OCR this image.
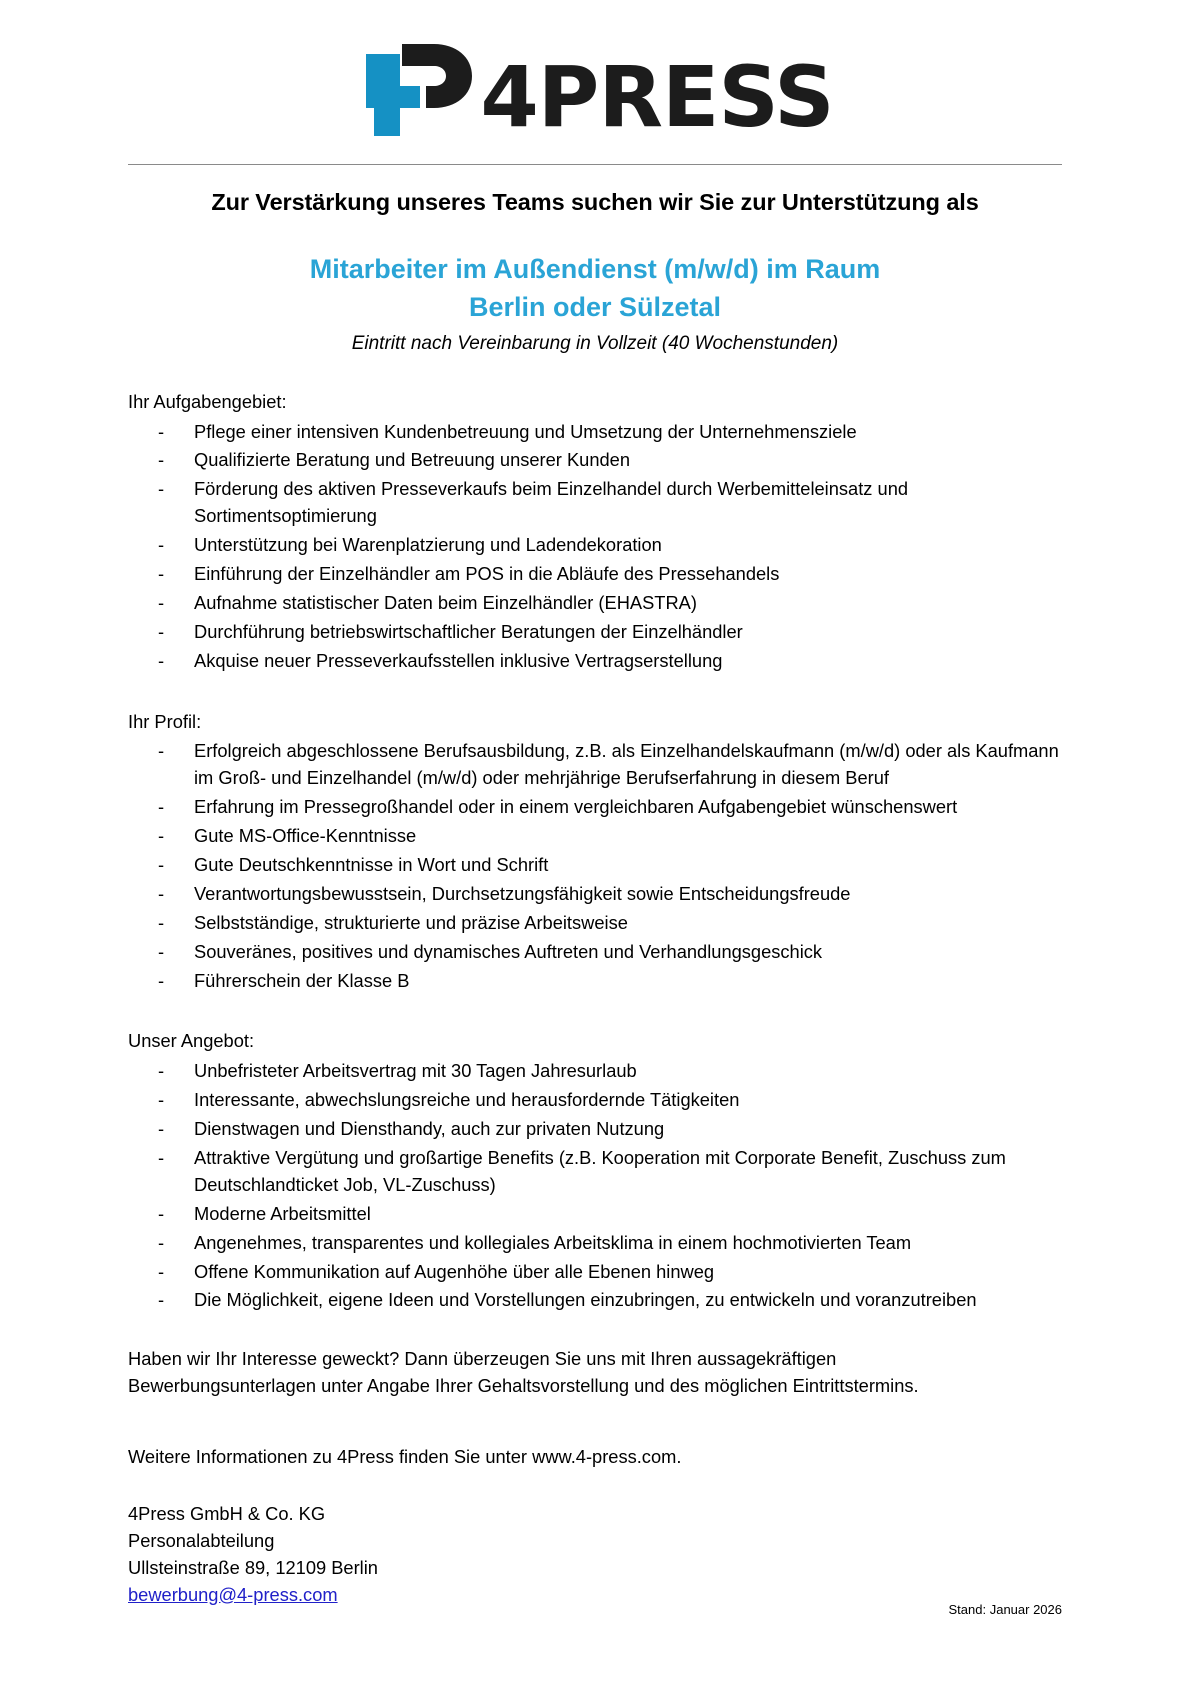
4PRESS
Zur Verstärkung unseres Teams suchen wir Sie zur Unterstützung als
Mitarbeiter im Außendienst (m/w/d) im Raum
Berlin oder Sülzetal
Eintritt nach Vereinbarung in Vollzeit (40 Wochenstunden)
Ihr Aufgabengebiet:
- Pflege einer intensiven Kundenbetreuung und Umsetzung der Unternehmensziele
- Qualifizierte Beratung und Betreuung unserer Kunden
- Förderung des aktiven Presseverkaufs beim Einzelhandel durch Werbemitteleinsatz und Sortimentsoptimierung
- Unterstützung bei Warenplatzierung und Ladendekoration
- Einführung der Einzelhändler am POS in die Abläufe des Pressehandels
- Aufnahme statistischer Daten beim Einzelhändler (EHASTRA)
- Durchführung betriebswirtschaftlicher Beratungen der Einzelhändler
- Akquise neuer Presseverkaufsstellen inklusive Vertragserstellung
Ihr Profil:
- Erfolgreich abgeschlossene Berufsausbildung, z.B. als Einzelhandelskaufmann (m/w/d) oder als Kaufmann im Groß- und Einzelhandel (m/w/d) oder mehrjährige Berufserfahrung in diesem Beruf
- Erfahrung im Pressegroßhandel oder in einem vergleichbaren Aufgabengebiet wünschenswert
- Gute MS-Office-Kenntnisse
- Gute Deutschkenntnisse in Wort und Schrift
- Verantwortungsbewusstsein, Durchsetzungsfähigkeit sowie Entscheidungsfreude
- Selbstständige, strukturierte und präzise Arbeitsweise
- Souveränes, positives und dynamisches Auftreten und Verhandlungsgeschick
- Führerschein der Klasse B
Unser Angebot:
- Unbefristeter Arbeitsvertrag mit 30 Tagen Jahresurlaub
- Interessante, abwechslungsreiche und herausfordernde Tätigkeiten
- Dienstwagen und Diensthandy, auch zur privaten Nutzung
- Attraktive Vergütung und großartige Benefits (z.B. Kooperation mit Corporate Benefit, Zuschuss zum Deutschlandticket Job, VL-Zuschuss)
- Moderne Arbeitsmittel
- Angenehmes, transparentes und kollegiales Arbeitsklima in einem hochmotivierten Team
- Offene Kommunikation auf Augenhöhe über alle Ebenen hinweg
- Die Möglichkeit, eigene Ideen und Vorstellungen einzubringen, zu entwickeln und voranzutreiben

Haben wir Ihr Interesse geweckt? Dann überzeugen Sie uns mit Ihren aussagekräftigen

Bewerbungsunterlagen unter Angabe Ihrer Gehaltsvorstellung und des möglichen Eintrittstermins.

Weitere Informationen zu 4Press finden Sie unter www.4-press.com.
4Press GmbH & Co. KG
Personalabteilung
Ullsteinstraße 89, 12109 Berlin
bewerbung@4-press.com
Stand: Januar 2026
